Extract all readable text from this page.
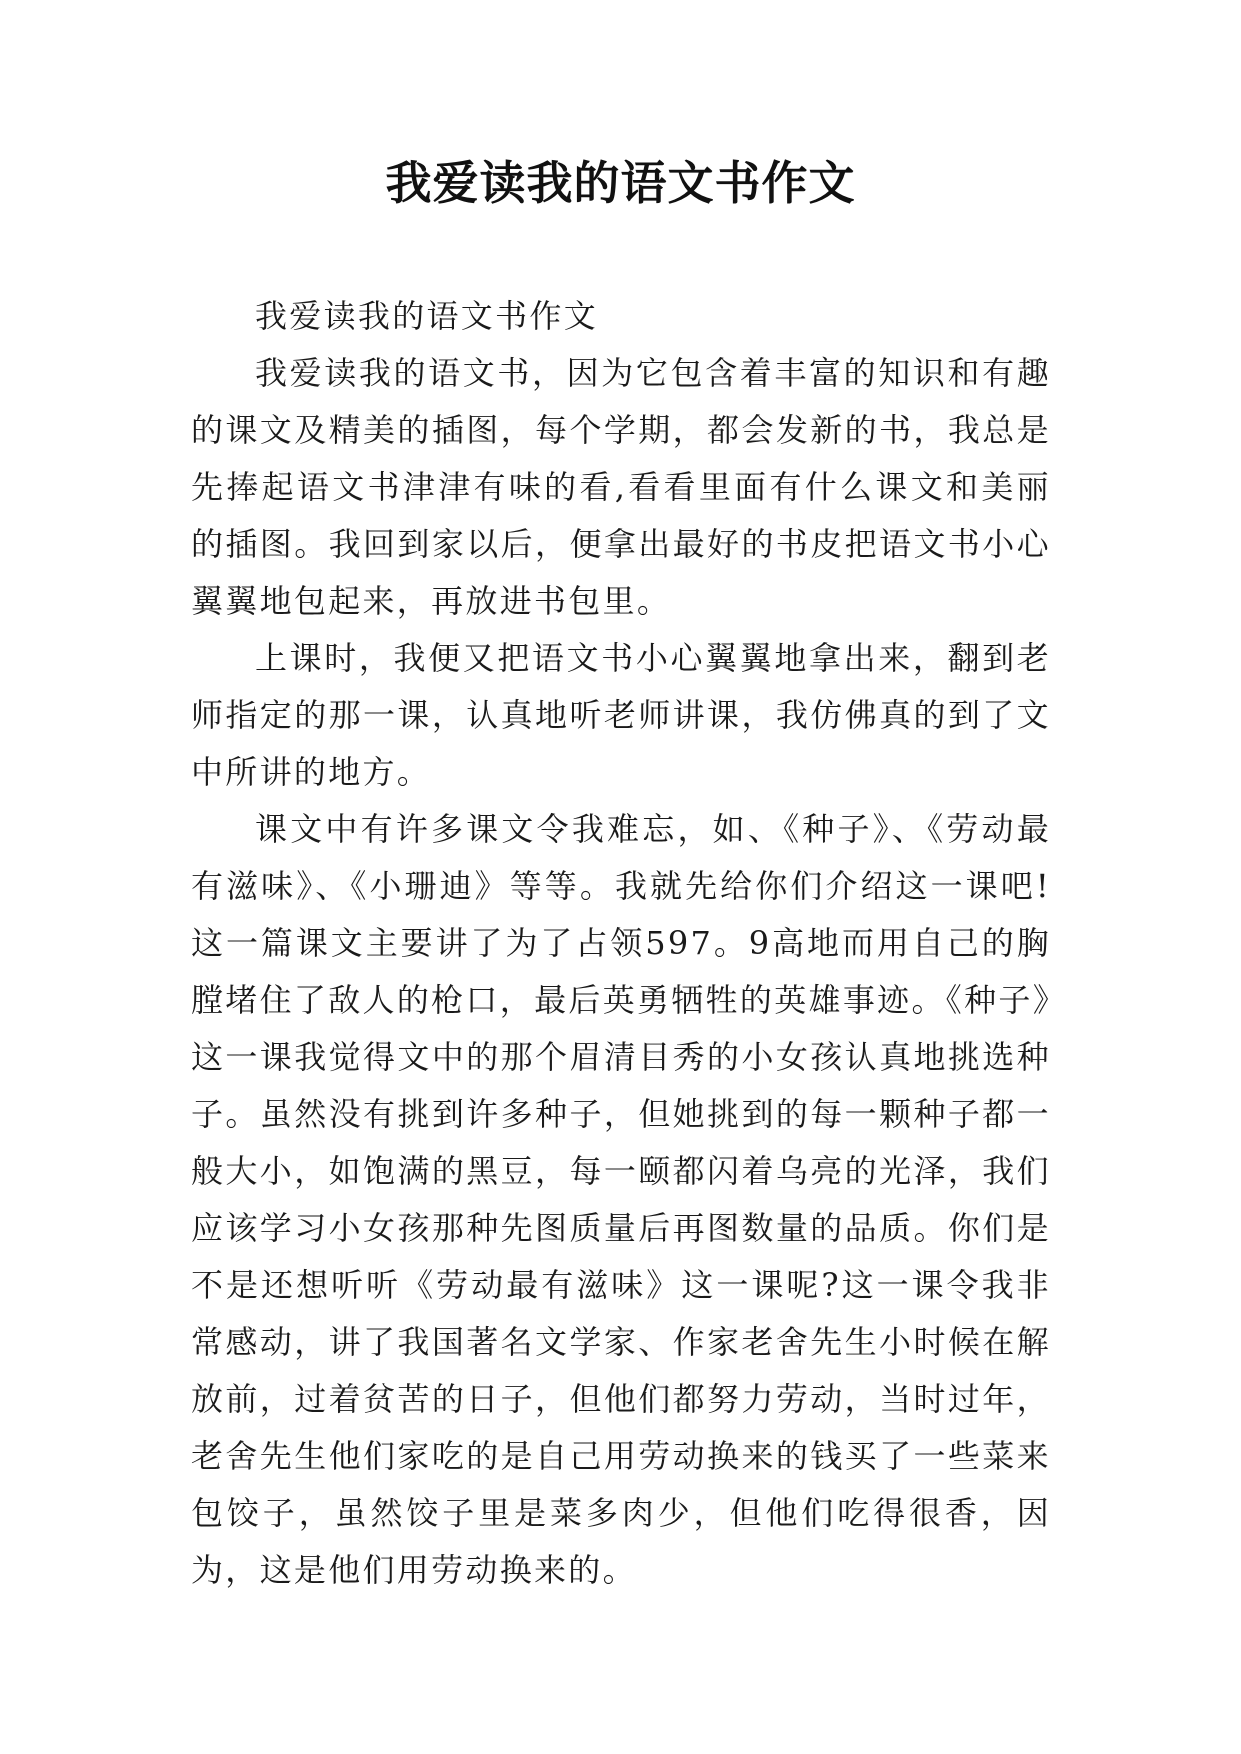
我爱读我的语文书作文

我爱读我的语文书作文

我爱读我的语文书，因为它包含着丰富的知识和有趣的课文及精美的插图，每个学期，都会发新的书，我总是先捧起语文书津津有味的看,看看里面有什么课文和美丽的插图。我回到家以后，便拿出最好的书皮把语文书小心翼翼地包起来，再放进书包里。

上课时，我便又把语文书小心翼翼地拿出来，翻到老师指定的那一课，认真地听老师讲课，我仿佛真的到了文中所讲的地方。

课文中有许多课文令我难忘，如、《种子》、《劳动最有滋味》、《小珊迪》等等。我就先给你们介绍这一课吧!这一篇课文主要讲了为了占领597。9高地而用自己的胸膛堵住了敌人的枪口，最后英勇牺牲的英雄事迹。《种子》这一课我觉得文中的那个眉清目秀的小女孩认真地挑选种子。虽然没有挑到许多种子，但她挑到的每一颗种子都一般大小，如饱满的黑豆，每一颐都闪着乌亮的光泽，我们应该学习小女孩那种先图质量后再图数量的品质。你们是不是还想听听《劳动最有滋味》这一课呢?这一课令我非常感动，讲了我国著名文学家、作家老舍先生小时候在解放前，过着贫苦的日子，但他们都努力劳动，当时过年，老舍先生他们家吃的是自己用劳动换来的钱买了一些菜来包饺子，虽然饺子里是菜多肉少，但他们吃得很香，因为，这是他们用劳动换来的。
